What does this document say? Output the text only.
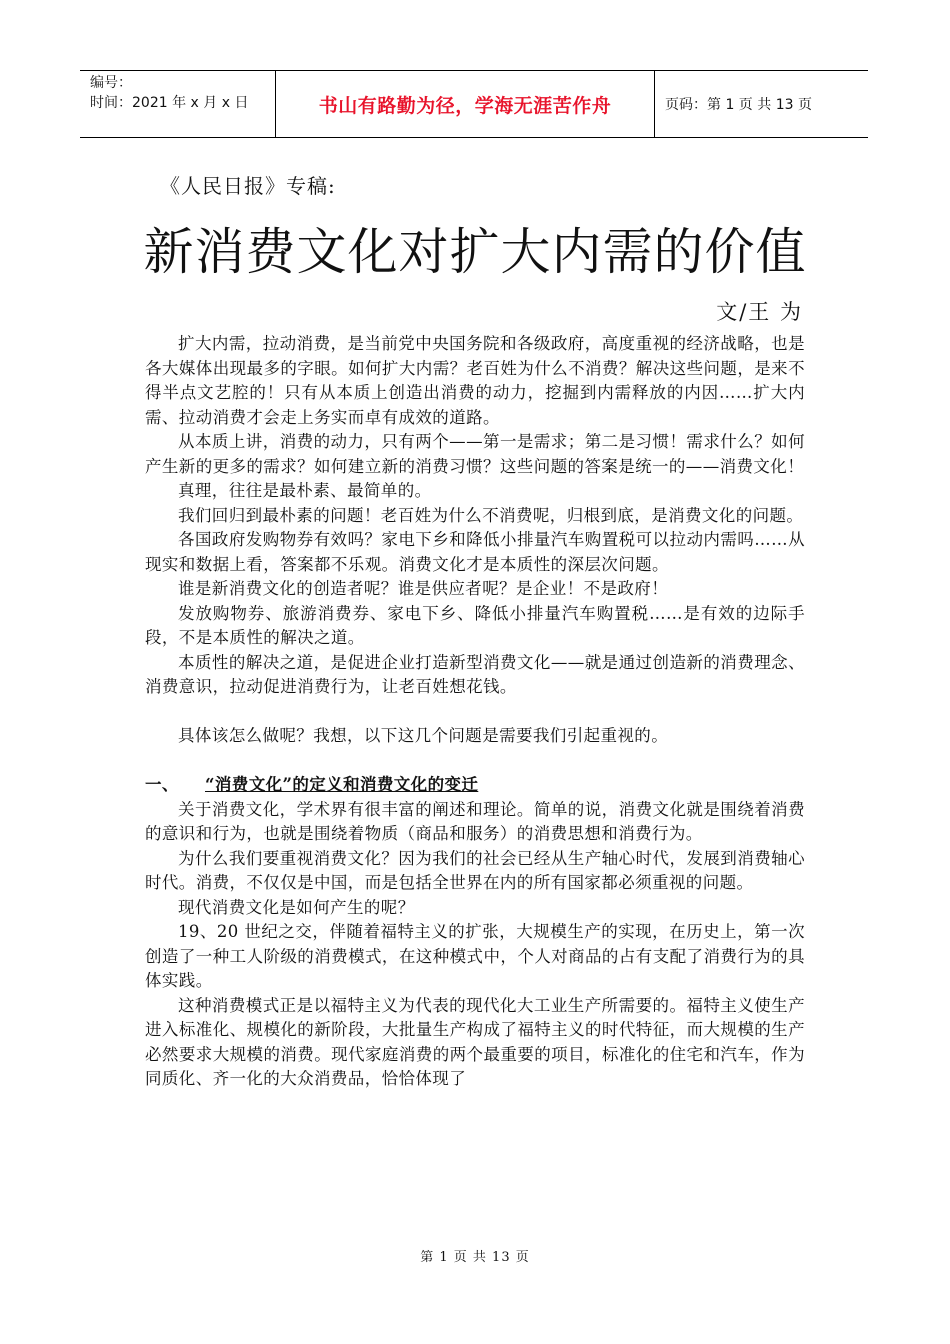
编号：
时间：2021 年 x 月 x 日	书山有路勤为径，学海无涯苦作舟	页码：第 1 页 共 13 页
《人民日报》专稿:
新消费文化对扩大内需的价值
文/王 为

扩大内需，拉动消费，是当前党中央国务院和各级政府，高度重视的经济战略，也是各大媒体出现最多的字眼。如何扩大内需？老百姓为什么不消费？解决这些问题，是来不得半点文艺腔的！只有从本质上创造出消费的动力，挖掘到内需释放的内因……扩大内需、拉动消费才会走上务实而卓有成效的道路。

从本质上讲，消费的动力，只有两个——第一是需求；第二是习惯！需求什么？如何产生新的更多的需求？如何建立新的消费习惯？这些问题的答案是统一的——消费文化！

真理，往往是最朴素、最简单的。

我们回归到最朴素的问题！老百姓为什么不消费呢，归根到底，是消费文化的问题。

各国政府发购物券有效吗？家电下乡和降低小排量汽车购置税可以拉动内需吗……从现实和数据上看，答案都不乐观。消费文化才是本质性的深层次问题。

谁是新消费文化的创造者呢？谁是供应者呢？是企业！不是政府！

发放购物券、旅游消费券、家电下乡、降低小排量汽车购置税……是有效的边际手段，不是本质性的解决之道。

本质性的解决之道，是促进企业打造新型消费文化——就是通过创造新的消费理念、消费意识，拉动促进消费行为，让老百姓想花钱。

具体该怎么做呢？我想，以下这几个问题是需要我们引起重视的。

一、	“消费文化”的定义和消费文化的变迁

关于消费文化，学术界有很丰富的阐述和理论。简单的说，消费文化就是围绕着消费的意识和行为，也就是围绕着物质（商品和服务）的消费思想和消费行为。

为什么我们要重视消费文化？因为我们的社会已经从生产轴心时代，发展到消费轴心时代。消费，不仅仅是中国，而是包括全世界在内的所有国家都必须重视的问题。

现代消费文化是如何产生的呢？

19、20 世纪之交，伴随着福特主义的扩张，大规模生产的实现，在历史上，第一次创造了一种工人阶级的消费模式，在这种模式中，个人对商品的占有支配了消费行为的具体实践。

这种消费模式正是以福特主义为代表的现代化大工业生产所需要的。福特主义使生产进入标准化、规模化的新阶段，大批量生产构成了福特主义的时代特征，而大规模的生产必然要求大规模的消费。现代家庭消费的两个最重要的项目，标准化的住宅和汽车，作为同质化、齐一化的大众消费品，恰恰体现了

第 1 页 共 13 页
